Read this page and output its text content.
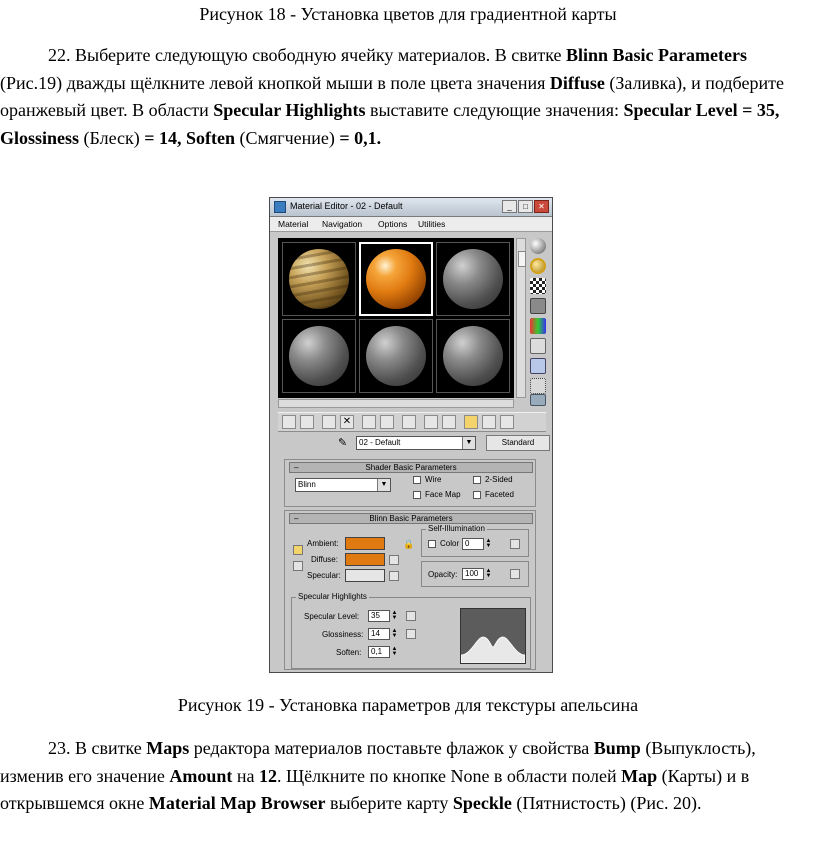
Рисунок 18 - Установка цветов для градиентной карты

22. Выберите следующую свободную ячейку материалов. В свитке Blinn Basic Parameters (Рис.19) дважды щёлкните левой кнопкой мыши в поле цвета значения Diffuse (Заливка), и подберите оранжевый цвет. В области Specular Highlights выставите следующие значения: Specular Level = 35, Glossiness (Блеск) = 14, Soften (Смягчение) = 0,1.

Material Editor - 02 - Default	_	□	✕
Material Navigation Options Utilities
✕
✎	02 - Default	▼	Standard
–	Shader Basic Parameters
Blinn	▼
Wire	2-Sided
Face Map	Faceted
–	Blinn Basic Parameters
Ambient:
Diffuse:
Specular:
🔒
Self-Illumination
Color 0	▲
▼
Opacity: 100 ▲
▼
Specular Highlights
Specular Level:	35 ▲
▼
Glossiness: 14 ▲
▼
Soften:	0,1 ▲
▼
Рисунок 19 - Установка параметров для текстуры апельсина

23. В свитке Maps редактора материалов поставьте флажок у свойства Bump (Выпуклость), изменив его значение Amount на 12. Щёлкните по кнопке None в области полей Map (Карты) и в открывшемся окне Material Map Browser выберите карту Speckle (Пятнистость) (Рис. 20).
